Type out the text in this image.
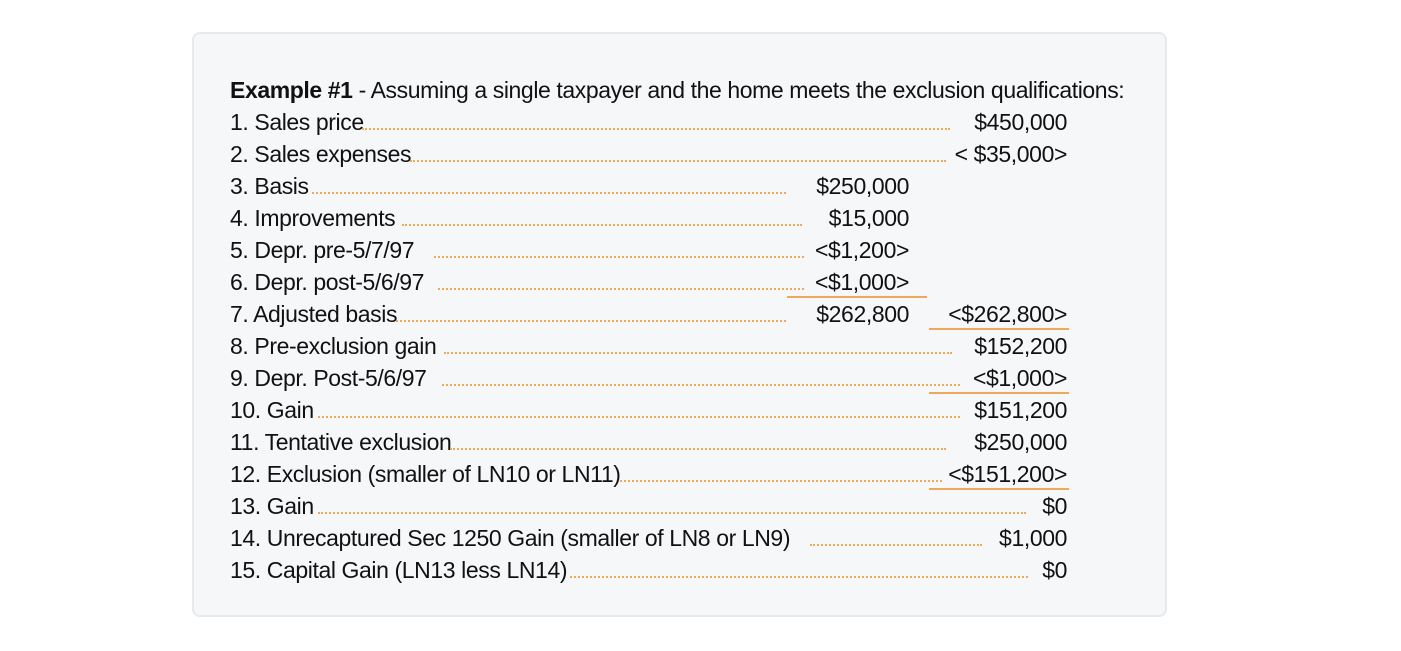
Example #1 - Assuming a single taxpayer and the home meets the exclusion qualifications:
1. Sales price	$450,000
2. Sales expenses	< $35,000>
3. Basis	$250,000
4. Improvements	$15,000
5. Depr. pre-5/7/97	<$1,200>
6. Depr. post-5/6/97	<$1,000>
7. Adjusted basis	$262,800 <$262,800>
8. Pre-exclusion gain	$152,200
9. Depr. Post-5/6/97	<$1,000>
10. Gain	$151,200
11. Tentative exclusion	$250,000
12. Exclusion (smaller of LN10 or LN11)	<$151,200>
13. Gain	$0
14. Unrecaptured Sec 1250 Gain (smaller of LN8 or LN9)	$1,000
15. Capital Gain (LN13 less LN14)	$0
